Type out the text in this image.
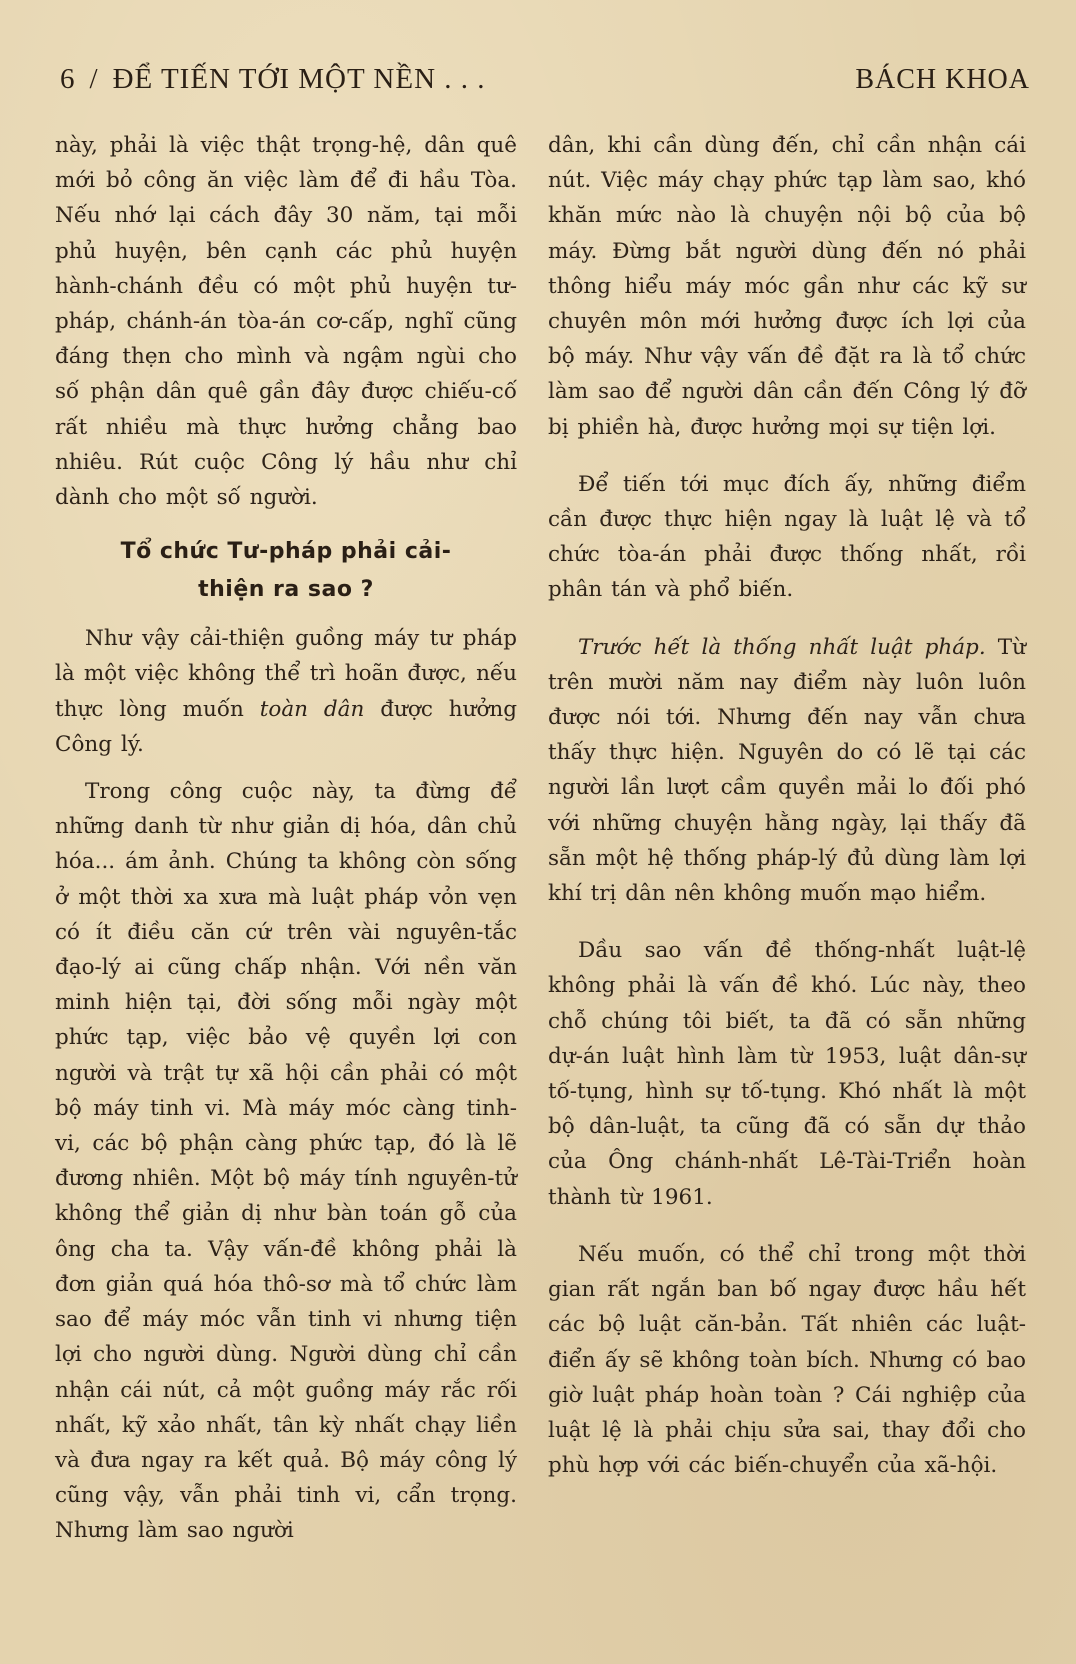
6 / ĐỂ TIẾN TỚI MỘT NỀN . . .	BÁCH KHOA

này, phải là việc thật trọng-hệ, dân quê mới bỏ công ăn việc làm để đi hầu Tòa. Nếu nhớ lại cách đây 30 năm, tại mỗi phủ huyện, bên cạnh các phủ huyện hành-chánh đều có một phủ huyện tư-pháp, chánh-án tòa-án cơ-cấp, nghĩ cũng đáng thẹn cho mình và ngậm ngùi cho số phận dân quê gần đây được chiếu-cố rất nhiều mà thực hưởng chẳng bao nhiêu. Rút cuộc Công lý hầu như chỉ dành cho một số người.

Tổ chức Tư-pháp phải cải-
thiện ra sao ?

Như vậy cải-thiện guồng máy tư pháp là một việc không thể trì hoãn được, nếu thực lòng muốn toàn dân được hưởng Công lý.

Trong công cuộc này, ta đừng để những danh từ như giản dị hóa, dân chủ hóa... ám ảnh. Chúng ta không còn sống ở một thời xa xưa mà luật pháp vỏn vẹn có ít điều căn cứ trên vài nguyên-tắc đạo-lý ai cũng chấp nhận. Với nền văn minh hiện tại, đời sống mỗi ngày một phức tạp, việc bảo vệ quyền lợi con người và trật tự xã hội cần phải có một bộ máy tinh vi. Mà máy móc càng tinh-vi, các bộ phận càng phức tạp, đó là lẽ đương nhiên. Một bộ máy tính nguyên-tử không thể giản dị như bàn toán gỗ của ông cha ta. Vậy vấn-đề không phải là đơn giản quá hóa thô-sơ mà tổ chức làm sao để máy móc vẫn tinh vi nhưng tiện lợi cho người dùng. Người dùng chỉ cần nhận cái nút, cả một guồng máy rắc rối nhất, kỹ xảo nhất, tân kỳ nhất chạy liền và đưa ngay ra kết quả. Bộ máy công lý cũng vậy, vẫn phải tinh vi, cẩn trọng. Nhưng làm sao người

dân, khi cần dùng đến, chỉ cần nhận cái nút. Việc máy chạy phức tạp làm sao, khó khăn mức nào là chuyện nội bộ của bộ máy. Đừng bắt người dùng đến nó phải thông hiểu máy móc gần như các kỹ sư chuyên môn mới hưởng được ích lợi của bộ máy. Như vậy vấn đề đặt ra là tổ chức làm sao để người dân cần đến Công lý đỡ bị phiền hà, được hưởng mọi sự tiện lợi.

Để tiến tới mục đích ấy, những điểm cần được thực hiện ngay là luật lệ và tổ chức tòa-án phải được thống nhất, rồi phân tán và phổ biến.

Trước hết là thống nhất luật pháp. Từ trên mười năm nay điểm này luôn luôn được nói tới. Nhưng đến nay vẫn chưa thấy thực hiện. Nguyên do có lẽ tại các người lần lượt cầm quyền mải lo đối phó với những chuyện hằng ngày, lại thấy đã sẵn một hệ thống pháp-lý đủ dùng làm lợi khí trị dân nên không muốn mạo hiểm.

Dầu sao vấn đề thống-nhất luật-lệ không phải là vấn đề khó. Lúc này, theo chỗ chúng tôi biết, ta đã có sẵn những dự-án luật hình làm từ 1953, luật dân-sự tố-tụng, hình sự tố-tụng. Khó nhất là một bộ dân-luật, ta cũng đã có sẵn dự thảo của Ông chánh-nhất Lê-Tài-Triển hoàn thành từ 1961.

Nếu muốn, có thể chỉ trong một thời gian rất ngắn ban bố ngay được hầu hết các bộ luật căn-bản. Tất nhiên các luật-điển ấy sẽ không toàn bích. Nhưng có bao giờ luật pháp hoàn toàn ? Cái nghiệp của luật lệ là phải chịu sửa sai, thay đổi cho phù hợp với các biến-chuyển của xã-hội.
